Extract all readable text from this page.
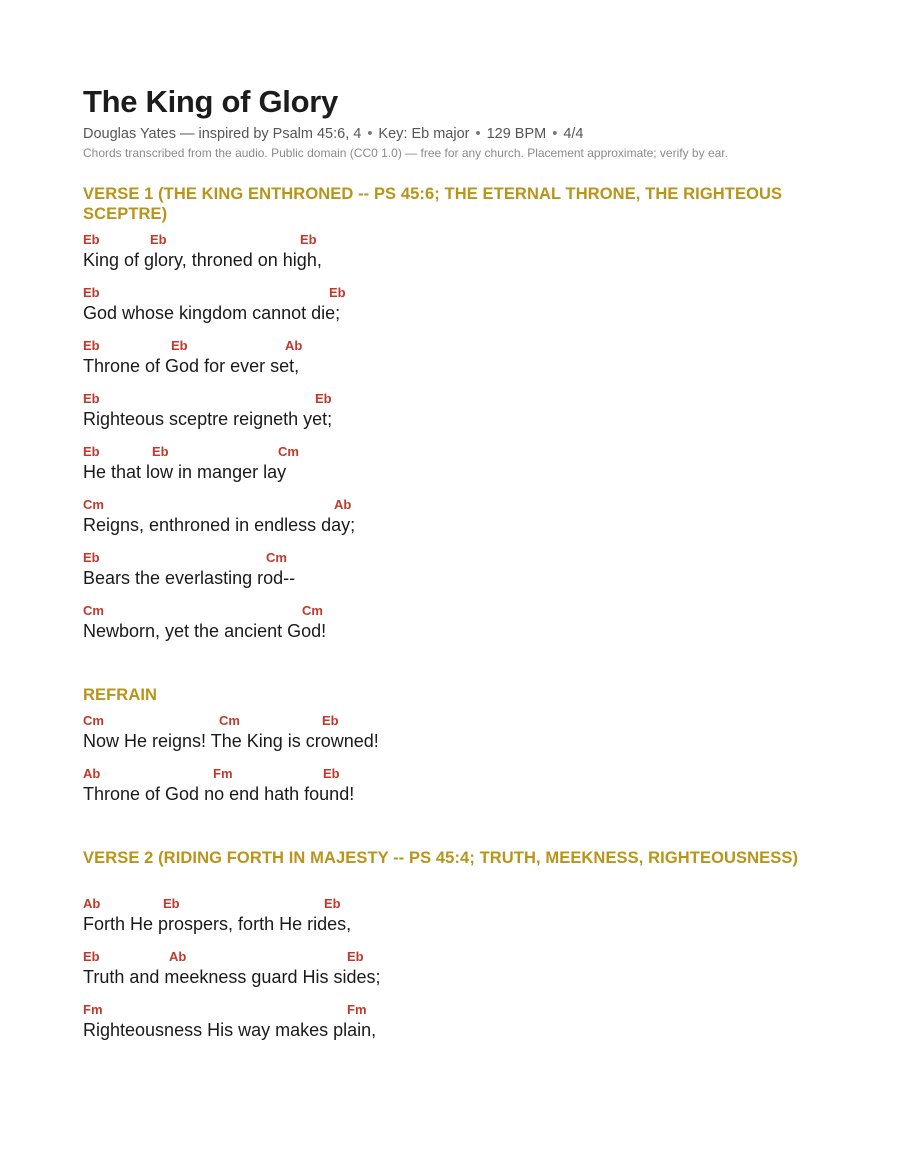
The King of Glory
Douglas Yates — inspired by Psalm 45:6, 4 • Key: Eb major • 129 BPM • 4/4
Chords transcribed from the audio. Public domain (CC0 1.0) — free for any church. Placement approximate; verify by ear.
VERSE 1 (THE KING ENTHRONED -- PS 45:6; THE ETERNAL THRONE, THE RIGHTEOUS SCEPTRE)
Eb	Eb	Eb
King of glory, throned on high,
Eb	Eb
God whose kingdom cannot die;
Eb	Eb	Ab
Throne of God for ever set,
Eb	Eb
Righteous sceptre reigneth yet;
Eb	Eb	Cm
He that low in manger lay
Cm	Ab
Reigns, enthroned in endless day;
Eb	Cm
Bears the everlasting rod--
Cm	Cm
Newborn, yet the ancient God!
REFRAIN
Cm	Cm	Eb
Now He reigns! The King is crowned!
Ab	Fm	Eb
Throne of God no end hath found!
VERSE 2 (RIDING FORTH IN MAJESTY -- PS 45:4; TRUTH, MEEKNESS, RIGHTEOUSNESS)
Ab	Eb	Eb
Forth He prospers, forth He rides,
Eb	Ab	Eb
Truth and meekness guard His sides;
Fm	Fm
Righteousness His way makes plain,
